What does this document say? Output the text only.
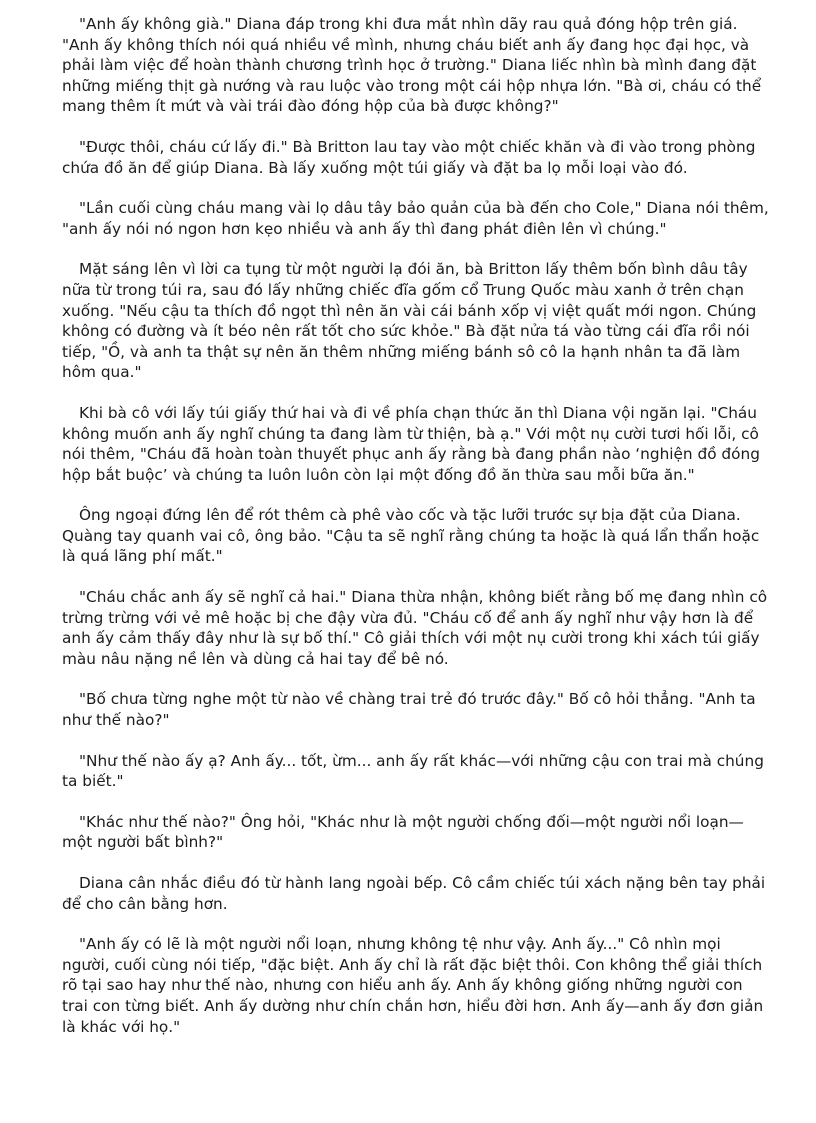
"Anh ấy không già." Diana đáp trong khi đưa mắt nhìn dãy rau quả đóng hộp trên giá. "Anh ấy không thích nói quá nhiều về mình, nhưng cháu biết anh ấy đang học đại học, và phải làm việc để hoàn thành chương trình học ở trường." Diana liếc nhìn bà mình đang đặt những miếng thịt gà nướng và rau luộc vào trong một cái hộp nhựa lớn. "Bà ơi, cháu có thể mang thêm ít mứt và vài trái đào đóng hộp của bà được không?"

"Được thôi, cháu cứ lấy đi." Bà Britton lau tay vào một chiếc khăn và đi vào trong phòng chứa đồ ăn để giúp Diana. Bà lấy xuống một túi giấy và đặt ba lọ mỗi loại vào đó.

"Lần cuối cùng cháu mang vài lọ dâu tây bảo quản của bà đến cho Cole," Diana nói thêm, "anh ấy nói nó ngon hơn kẹo nhiều và anh ấy thì đang phát điên lên vì chúng."

Mặt sáng lên vì lời ca tụng từ một người lạ đói ăn, bà Britton lấy thêm bốn bình dâu tây nữa từ trong túi ra, sau đó lấy những chiếc đĩa gốm cổ Trung Quốc màu xanh ở trên chạn xuống. "Nếu cậu ta thích đồ ngọt thì nên ăn vài cái bánh xốp vị việt quất mới ngon. Chúng không có đường và ít béo nên rất tốt cho sức khỏe." Bà đặt nửa tá vào từng cái đĩa rồi nói tiếp, "Ồ, và anh ta thật sự nên ăn thêm những miếng bánh sô cô la hạnh nhân ta đã làm hôm qua."

Khi bà cô với lấy túi giấy thứ hai và đi về phía chạn thức ăn thì Diana vội ngăn lại. "Cháu không muốn anh ấy nghĩ chúng ta đang làm từ thiện, bà ạ." Với một nụ cười tươi hối lỗi, cô nói thêm, "Cháu đã hoàn toàn thuyết phục anh ấy rằng bà đang phần nào ‘nghiện đồ đóng hộp bắt buộc’ và chúng ta luôn luôn còn lại một đống đồ ăn thừa sau mỗi bữa ăn."

Ông ngoại đứng lên để rót thêm cà phê vào cốc và tặc lưỡi trước sự bịa đặt của Diana. Quàng tay quanh vai cô, ông bảo. "Cậu ta sẽ nghĩ rằng chúng ta hoặc là quá lẩn thẩn hoặc là quá lãng phí mất."

"Cháu chắc anh ấy sẽ nghĩ cả hai." Diana thừa nhận, không biết rằng bố mẹ đang nhìn cô trừng trừng với vẻ mê hoặc bị che đậy vừa đủ. "Cháu cố để anh ấy nghĩ như vậy hơn là để anh ấy cảm thấy đây như là sự bố thí." Cô giải thích với một nụ cười trong khi xách túi giấy màu nâu nặng nề lên và dùng cả hai tay để bê nó.

"Bố chưa từng nghe một từ nào về chàng trai trẻ đó trước đây." Bố cô hỏi thẳng. "Anh ta như thế nào?"

"Như thế nào ấy ạ? Anh ấy... tốt, ừm... anh ấy rất khác—với những cậu con trai mà chúng ta biết."

"Khác như thế nào?" Ông hỏi, "Khác như là một người chống đối—một người nổi loạn—một người bất bình?"

Diana cân nhắc điều đó từ hành lang ngoài bếp. Cô cầm chiếc túi xách nặng bên tay phải để cho cân bằng hơn.

"Anh ấy có lẽ là một người nổi loạn, nhưng không tệ như vậy. Anh ấy..." Cô nhìn mọi người, cuối cùng nói tiếp, "đặc biệt. Anh ấy chỉ là rất đặc biệt thôi. Con không thể giải thích rõ tại sao hay như thế nào, nhưng con hiểu anh ấy. Anh ấy không giống những người con trai con từng biết. Anh ấy dường như chín chắn hơn, hiểu đời hơn. Anh ấy—anh ấy đơn giản là khác với họ."
